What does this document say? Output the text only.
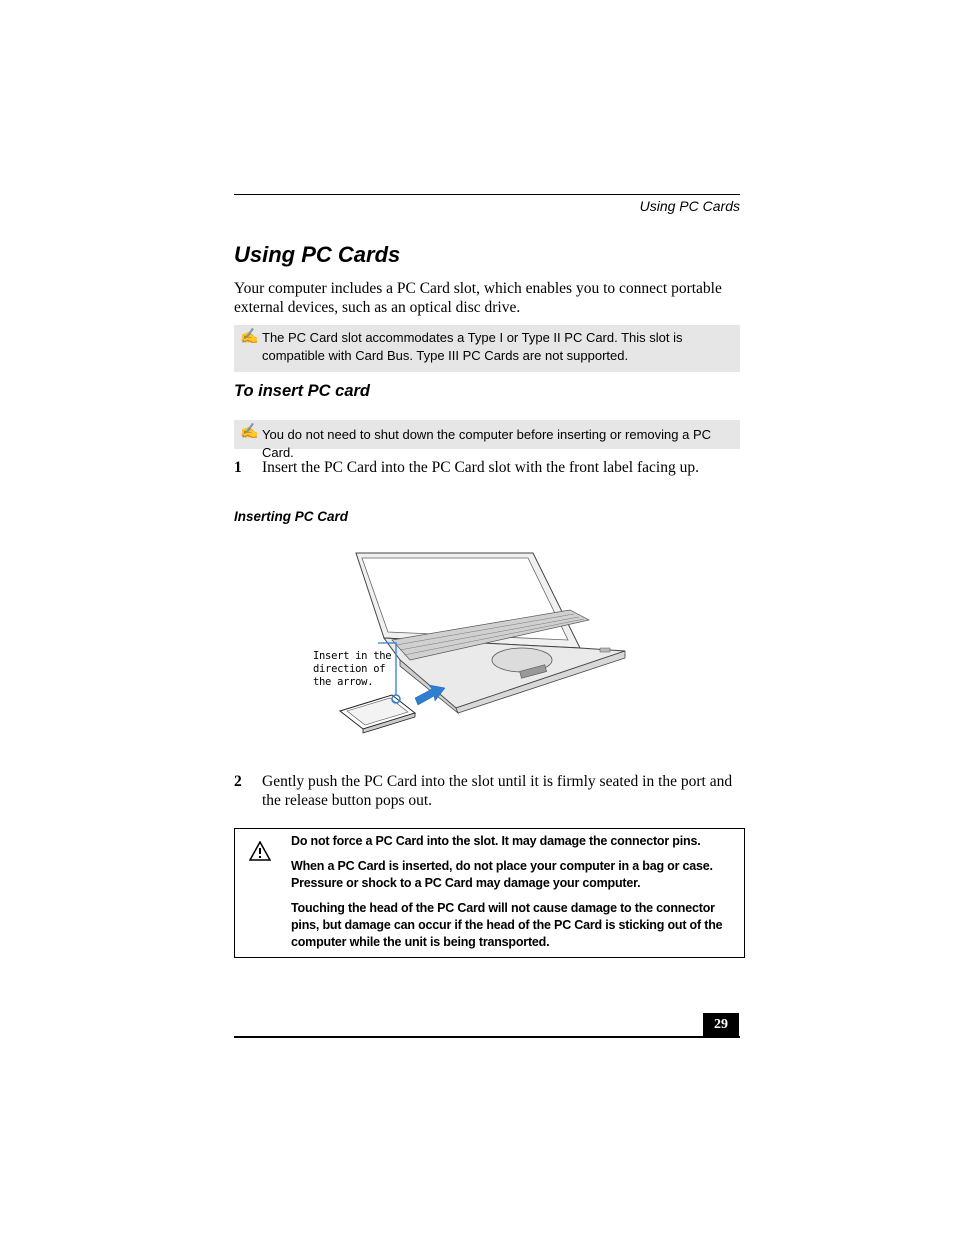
Using PC Cards
Using PC Cards
Your computer includes a PC Card slot, which enables you to connect portable external devices, such as an optical disc drive.
✍ The PC Card slot accommodates a Type I or Type II PC Card. This slot is compatible with Card Bus. Type III PC Cards are not supported.
To insert PC card
✍ You do not need to shut down the computer before inserting or removing a PC Card.
1 Insert the PC Card into the PC Card slot with the front label facing up.
Inserting PC Card
Insert in the
direction of
the arrow.
2 Gently push the PC Card into the slot until it is firmly seated in the port and the release button pops out.

Do not force a PC Card into the slot. It may damage the connector pins.

When a PC Card is inserted, do not place your computer in a bag or case. Pressure or shock to a PC Card may damage your computer.

Touching the head of the PC Card will not cause damage to the connector pins, but damage can occur if the head of the PC Card is sticking out of the computer while the unit is being transported.

29
